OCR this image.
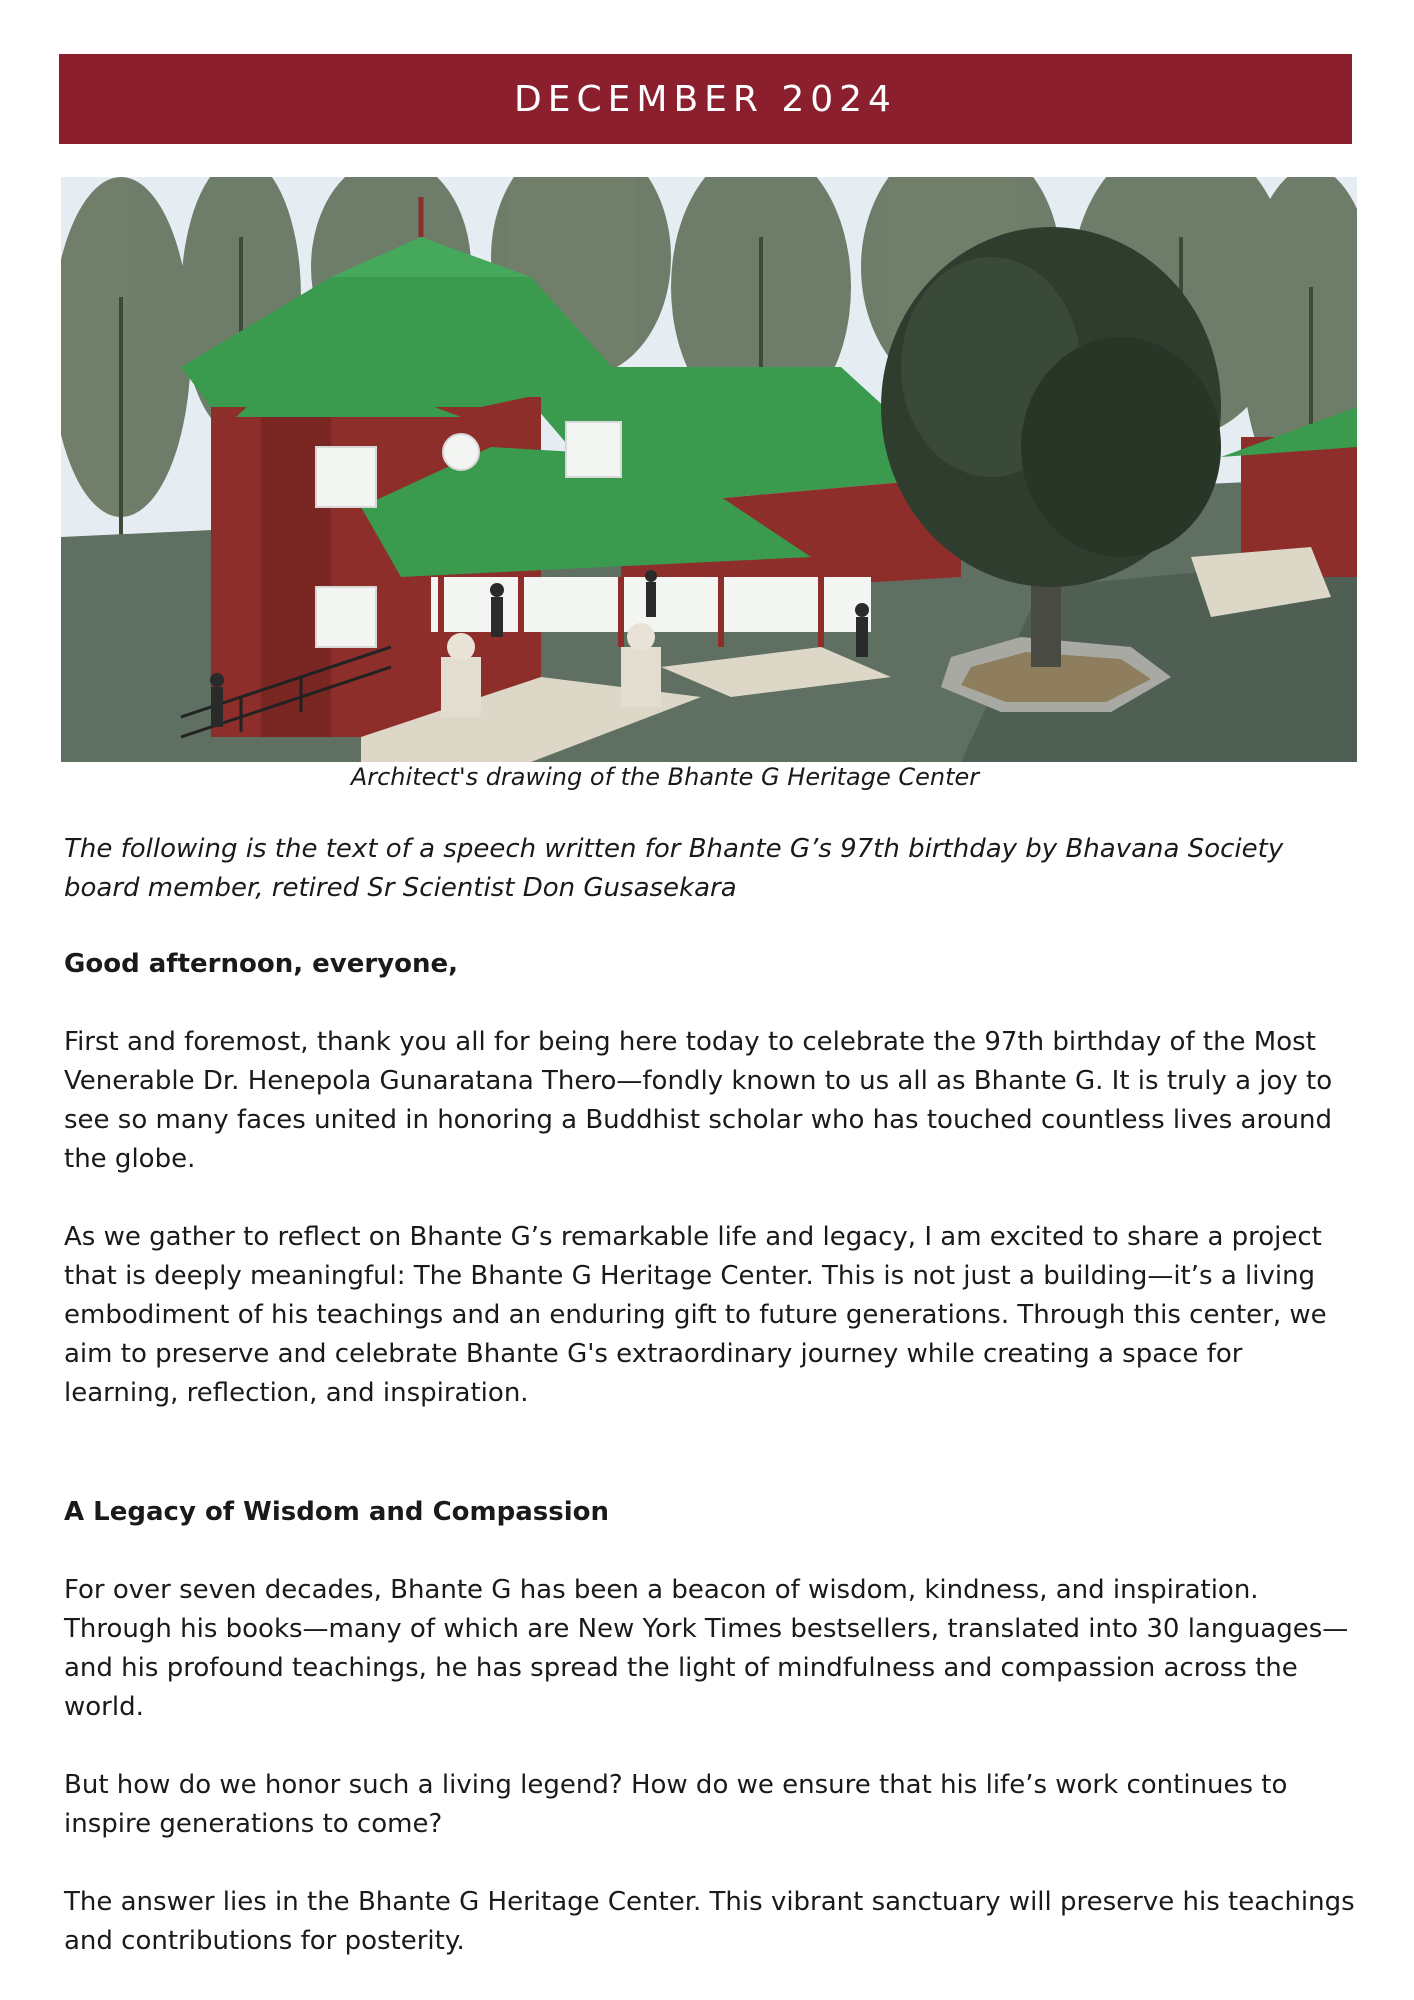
DECEMBER 2024
Architect's drawing of the Bhante G Heritage Center

The following is the text of a speech written for Bhante G’s 97th birthday by Bhavana Society board member, retired Sr Scientist Don Gusasekara

Good afternoon, everyone,

First and foremost, thank you all for being here today to celebrate the 97th birthday of the Most Venerable Dr. Henepola Gunaratana Thero—fondly known to us all as Bhante G. It is truly a joy to see so many faces united in honoring a Buddhist scholar who has touched countless lives around the globe.

As we gather to reflect on Bhante G’s remarkable life and legacy, I am excited to share a project that is deeply meaningful: The Bhante G Heritage Center. This is not just a building—it’s a living embodiment of his teachings and an enduring gift to future generations. Through this center, we aim to preserve and celebrate Bhante G's extraordinary journey while creating a space for learning, reflection, and inspiration.

A Legacy of Wisdom and Compassion

For over seven decades, Bhante G has been a beacon of wisdom, kindness, and inspiration. Through his books—many of which are New York Times bestsellers, translated into 30 languages—and his profound teachings, he has spread the light of mindfulness and compassion across the world.

But how do we honor such a living legend? How do we ensure that his life’s work continues to inspire generations to come?

The answer lies in the Bhante G Heritage Center. This vibrant sanctuary will preserve his teachings and contributions for posterity.
